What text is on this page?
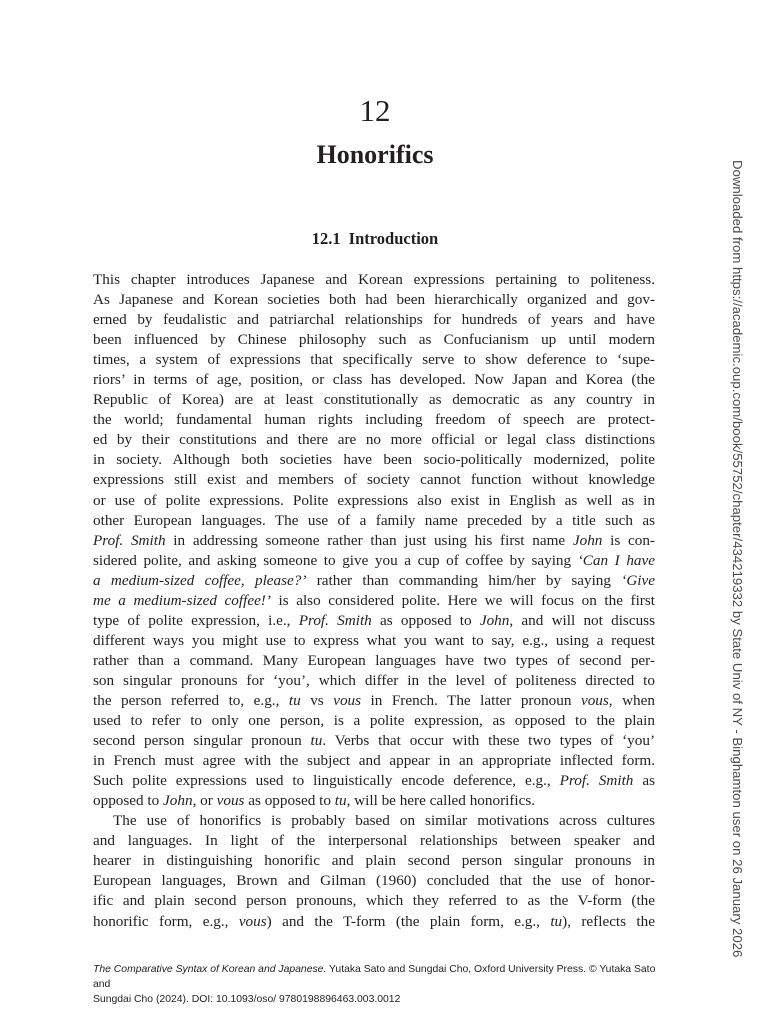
12
Honorifics
12.1 Introduction
This chapter introduces Japanese and Korean expressions pertaining to politeness.
As Japanese and Korean societies both had been hierarchically organized and gov-
erned by feudalistic and patriarchal relationships for hundreds of years and have
been influenced by Chinese philosophy such as Confucianism up until modern
times, a system of expressions that specifically serve to show deference to ‘supe-
riors’ in terms of age, position, or class has developed. Now Japan and Korea (the
Republic of Korea) are at least constitutionally as democratic as any country in
the world; fundamental human rights including freedom of speech are protect-
ed by their constitutions and there are no more official or legal class distinctions
in society. Although both societies have been socio-politically modernized, polite
expressions still exist and members of society cannot function without knowledge
or use of polite expressions. Polite expressions also exist in English as well as in
other European languages. The use of a family name preceded by a title such as
Prof. Smith in addressing someone rather than just using his first name John is con-
sidered polite, and asking someone to give you a cup of coffee by saying ‘Can I have
a medium-sized coffee, please?’ rather than commanding him/her by saying ‘Give
me a medium-sized coffee!’ is also considered polite. Here we will focus on the first
type of polite expression, i.e., Prof. Smith as opposed to John, and will not discuss
different ways you might use to express what you want to say, e.g., using a request
rather than a command. Many European languages have two types of second per-
son singular pronouns for ‘you’, which differ in the level of politeness directed to
the person referred to, e.g., tu vs vous in French. The latter pronoun vous, when
used to refer to only one person, is a polite expression, as opposed to the plain
second person singular pronoun tu. Verbs that occur with these two types of ‘you’
in French must agree with the subject and appear in an appropriate inflected form.
Such polite expressions used to linguistically encode deference, e.g., Prof. Smith as
opposed to John, or vous as opposed to tu, will be here called honorifics.
The use of honorifics is probably based on similar motivations across cultures
and languages. In light of the interpersonal relationships between speaker and
hearer in distinguishing honorific and plain second person singular pronouns in
European languages, Brown and Gilman (1960) concluded that the use of honor-
ific and plain second person pronouns, which they referred to as the V-form (the
honorific form, e.g., vous) and the T-form (the plain form, e.g., tu), reflects the
The Comparative Syntax of Korean and Japanese. Yutaka Sato and Sungdai Cho, Oxford University Press. © Yutaka Sato and
Sungdai Cho (2024). DOI: 10.1093/oso/ 9780198896463.003.0012
Downloaded from https://academic.oup.com/book/55752/chapter/434219332 by State Univ of NY - Binghamton user on 26 January 2026
